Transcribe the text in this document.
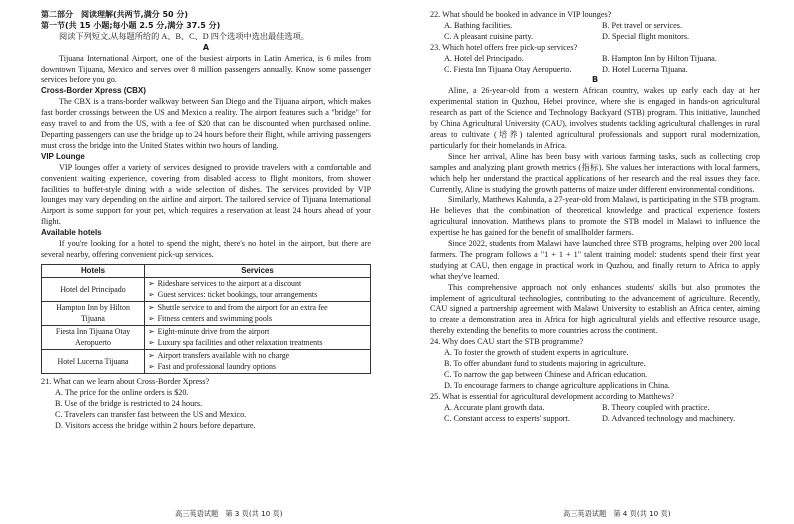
第二部分　阅读理解(共两节,满分 50 分)
第一节(共 15 小题;每小题 2.5 分,满分 37.5 分)

阅读下列短文,从每题所给的 A、B、C、D 四个选项中选出最佳选项。

A

Tijuana International Airport, one of the busiest airports in Latin America, is 6 miles from downtown Tijuana, Mexico and serves over 8 million passengers annually. Know some passenger services before you go.

Cross-Border Xpress (CBX)

The CBX is a trans-border walkway between San Diego and the Tijuana airport, which makes fast border crossings between the US and Mexico a reality. The airport features such a "bridge" for easy travel to and from the US, with a fee of $20 that can be discounted when purchased online. Departing passengers can use the bridge up to 24 hours before their flight, while arriving passengers must cross the bridge into the United States within two hours of landing.

VIP Lounge

VIP lounges offer a variety of services designed to provide travelers with a comfortable and convenient waiting experience, covering from disabled access to flight monitors, from shower facilities to buffet-style dining with a wide selection of dishes. The services provided by VIP lounges may vary depending on the airline and airport. The tailored service of Tijuana International Airport is some support for your pet, which requires a reservation at least 24 hours ahead of your flight.

Available hotels

If you're looking for a hotel to spend the night, there's no hotel in the airport, but there are several nearby, offering convenient pick-up services.

Hotels	Services
Hotel del Principado	➢ Rideshare services to the airport at a discount
➢ Guest services: ticket bookings, tour arrangements

Hampton Inn by Hilton Tijuana	➢ Shuttle service to and from the airport for an extra fee
➢ Fitness centers and swimming pools

Fiesta Inn Tijuana Otay Aeropuerto	➢ Eight-minute drive from the airport
➢ Luxury spa facilities and other relaxation treatments

Hotel Lucerna Tijuana	➢ Airport transfers available with no charge
➢ Fast and professional laundry options
21. What can we learn about Cross-Border Xpress?
A. The price for the online orders is $20.
B. Use of the bridge is restricted to 24 hours.
C. Travelers can transfer fast between the US and Mexico.
D. Visitors access the bridge within 2 hours before departure.
高三英语试题　第 3 页(共 10 页)
22. What should be booked in advance in VIP lounges?
A. Bathing facilities.	B. Pet travel or services.
C. A pleasant cuisine party.	D. Special flight monitors.
23. Which hotel offers free pick-up services?
A. Hotel del Principado.	B. Hampton Inn by Hilton Tijuana.
C. Fiesta Inn Tijuana Otay Aeropuerto.	D. Hotel Lucerna Tijuana.
B

Aline, a 26-year-old from a western African country, wakes up early each day at her experimental station in Quzhou, Hebei province, where she is engaged in hands-on agricultural research as part of the Science and Technology Backyard (STB) program. This initiative, launched by China Agricultural University (CAU), involves students tackling agricultural challenges in rural areas to cultivate (培养) talented agricultural professionals and support rural modernization, particularly for their homelands in Africa.

Since her arrival, Aline has been busy with various farming tasks, such as collecting crop samples and analyzing plant growth metrics (指标). She values her interactions with local farmers, which help her understand the practical applications of her research and the real issues they face. Currently, Aline is studying the growth patterns of maize under different environmental conditions.

Similarly, Matthews Kalunda, a 27-year-old from Malawi, is participating in the STB program. He believes that the combination of theoretical knowledge and practical experience fosters agricultural innovation. Matthews plans to promote the STB model in Malawi to influence the expertise he has gained for the benefit of smallholder farmers.

Since 2022, students from Malawi have launched three STB programs, helping over 200 local farmers. The program follows a "1 + 1 + 1" talent training model: students spend their first year studying at CAU, then engage in practical work in Quzhou, and finally return to Africa to apply what they've learned.

This comprehensive approach not only enhances students' skills but also promotes the implement of agricultural technologies, contributing to the advancement of agriculture. Recently, CAU signed a partnership agreement with Malawi University to establish an Africa center, aiming to create a demonstration area in Africa for high agricultural yields and effective resource usage, thereby extending the benefits to more countries across the continent.

24. Why does CAU start the STB programme?
A. To foster the growth of student experts in agriculture.
B. To offer abundant fund to students majoring in agriculture.
C. To narrow the gap between Chinese and African education.
D. To encourage farmers to change agriculture applications in China.
25. What is essential for agricultural development according to Matthews?
A. Accurate plant growth data.	B. Theory coupled with practice.
C. Constant access to experts' support.	D. Advanced technology and machinery.
高三英语试题　第 4 页(共 10 页)
